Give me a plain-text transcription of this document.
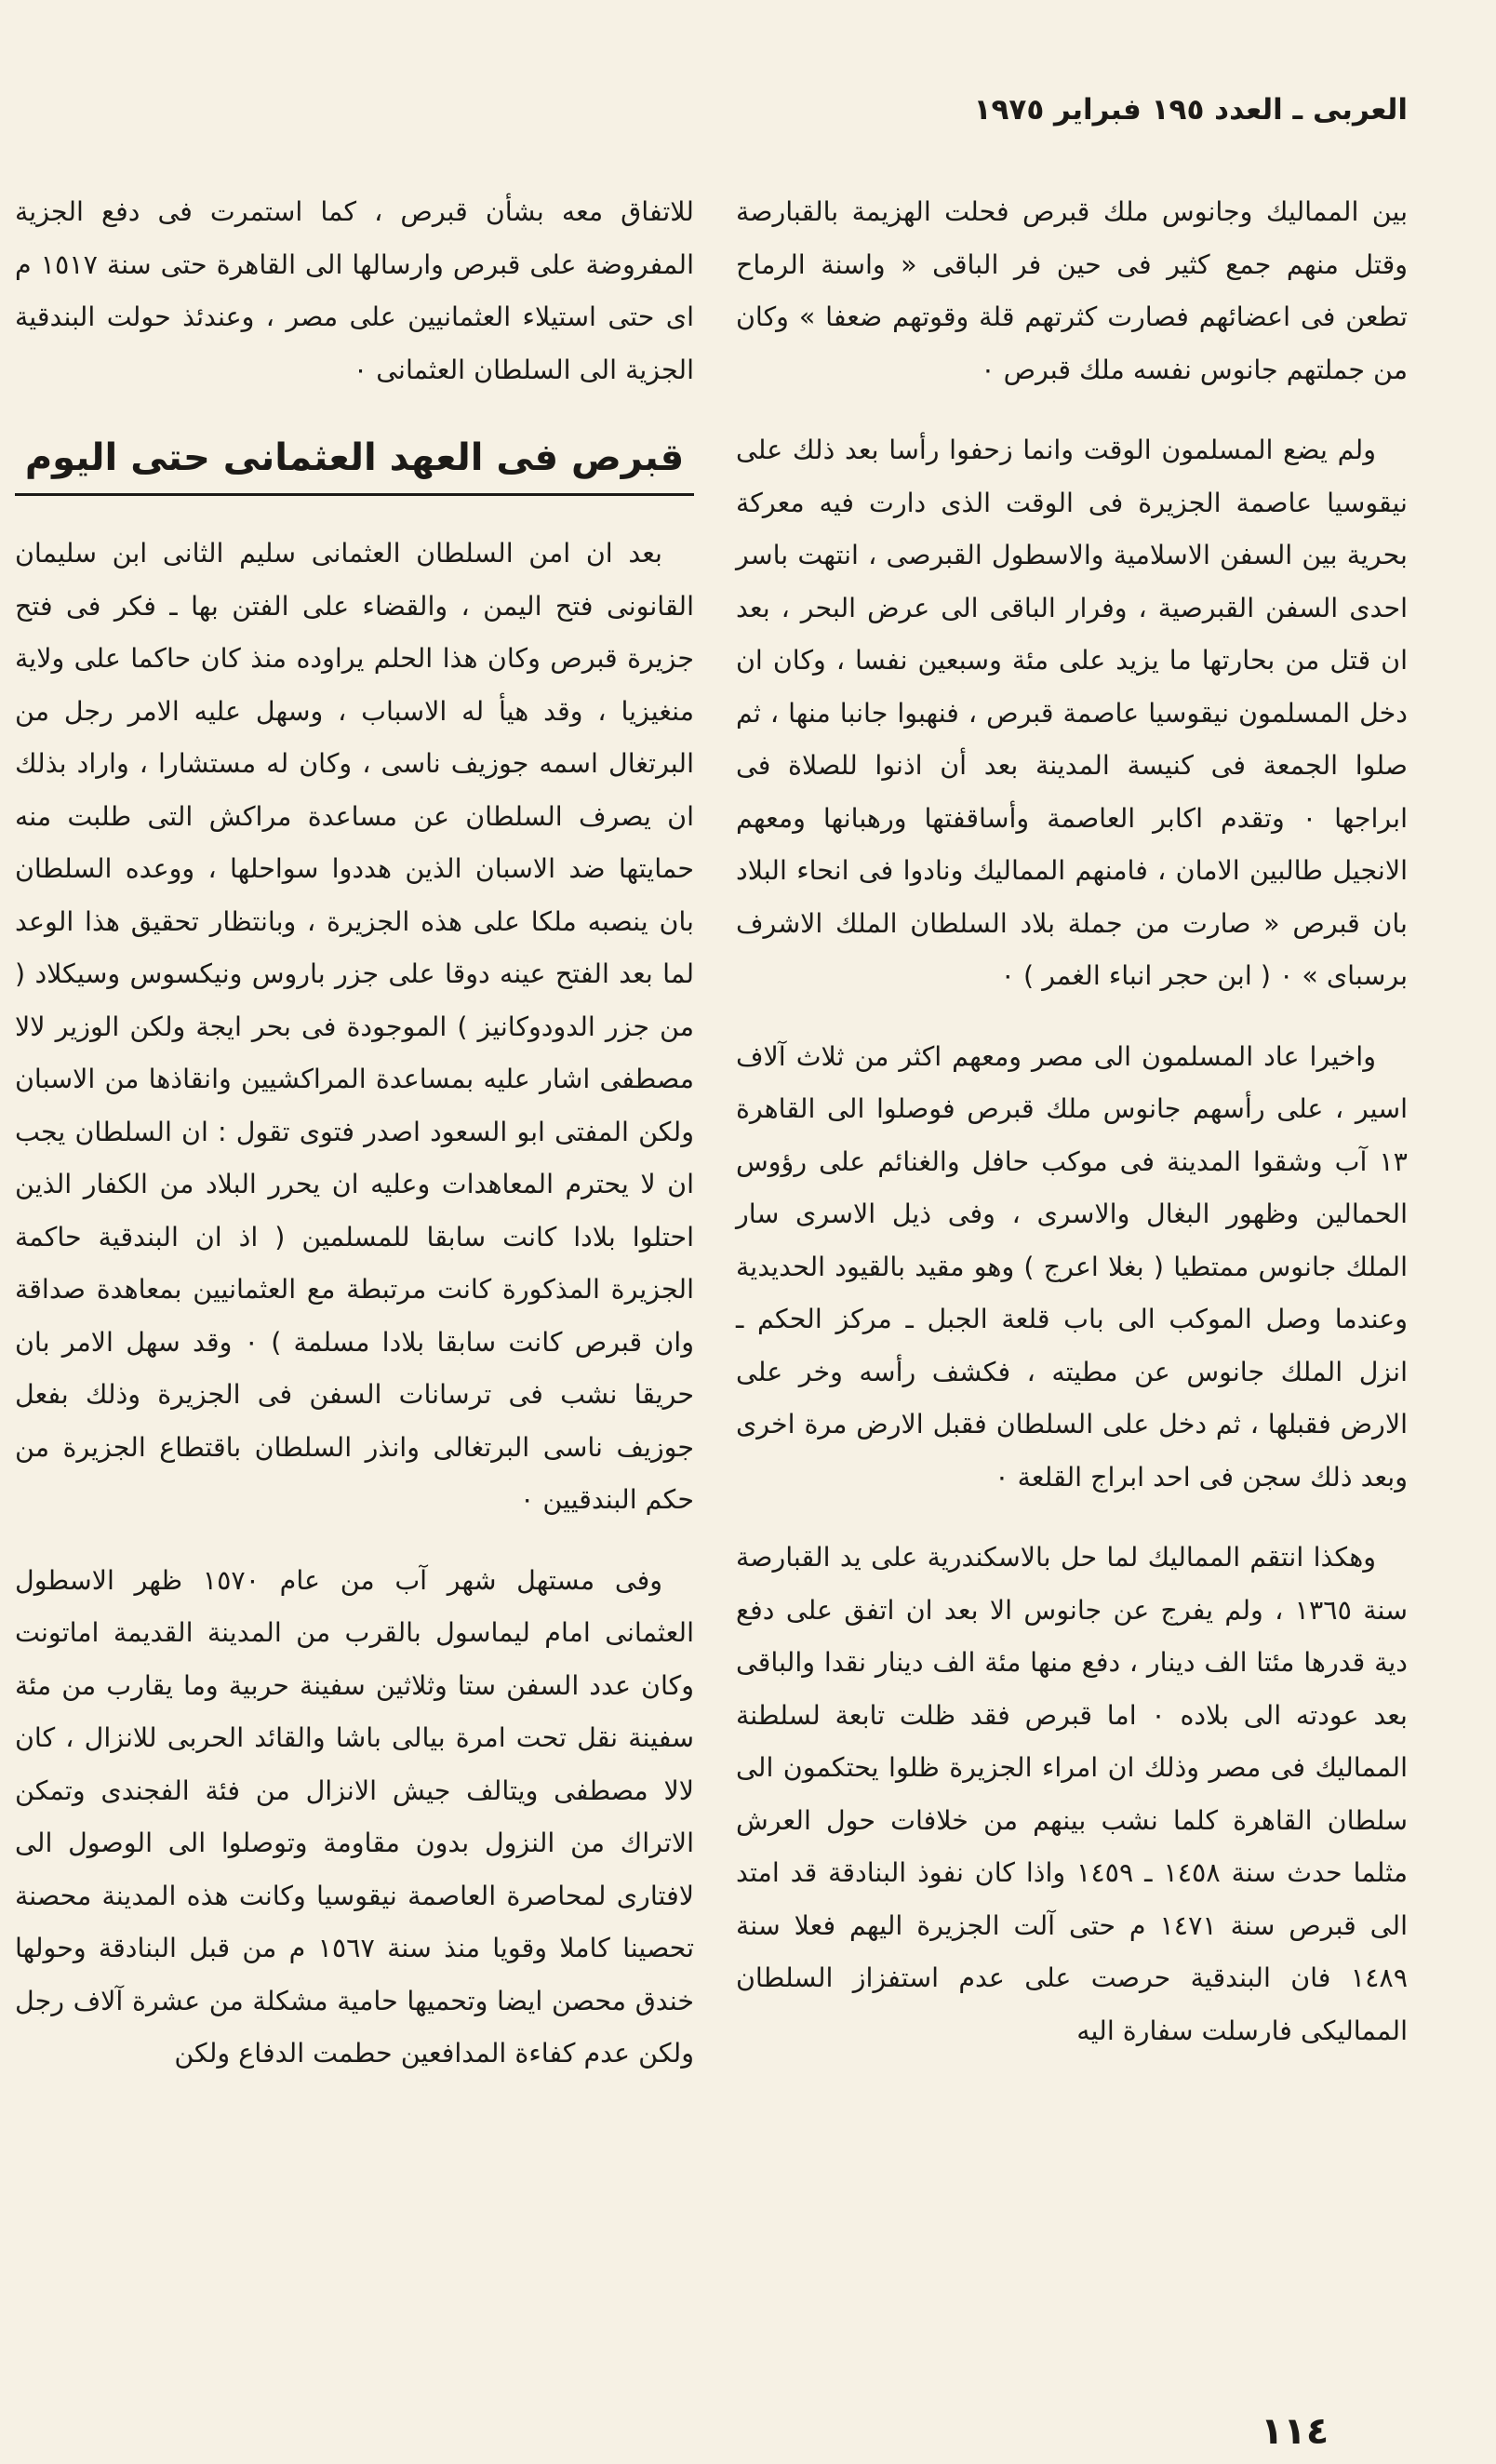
العربى ـ العدد ١٩٥ فبراير ١٩٧٥

بين المماليك وجانوس ملك قبرص فحلت الهزيمة بالقبارصة وقتل منهم جمع كثير فى حين فر الباقى « واسنة الرماح تطعن فى اعضائهم فصارت كثرتهم قلة وقوتهم ضعفا » وكان من جملتهم جانوس نفسه ملك قبرص ٠

ولم يضع المسلمون الوقت وانما زحفوا رأسا بعد ذلك على نيقوسيا عاصمة الجزيرة فى الوقت الذى دارت فيه معركة بحرية بين السفن الاسلامية والاسطول القبرصى ، انتهت باسر احدى السفن القبرصية ، وفرار الباقى الى عرض البحر ، بعد ان قتل من بحارتها ما يزيد على مئة وسبعين نفسا ، وكان ان دخل المسلمون نيقوسيا عاصمة قبرص ، فنهبوا جانبا منها ، ثم صلوا الجمعة فى كنيسة المدينة بعد أن اذنوا للصلاة فى ابراجها ٠ وتقدم اكابر العاصمة وأساقفتها ورهبانها ومعهم الانجيل طالبين الامان ، فامنهم المماليك ونادوا فى انحاء البلاد بان قبرص « صارت من جملة بلاد السلطان الملك الاشرف برسباى » ٠ ( ابن حجر انباء الغمر ) ٠

واخيرا عاد المسلمون الى مصر ومعهم اكثر من ثلاث آلاف اسير ، على رأسهم جانوس ملك قبرص فوصلوا الى القاهرة ١٣ آب وشقوا المدينة فى موكب حافل والغنائم على رؤوس الحمالين وظهور البغال والاسرى ، وفى ذيل الاسرى سار الملك جانوس ممتطيا ( بغلا اعرج ) وهو مقيد بالقيود الحديدية وعندما وصل الموكب الى باب قلعة الجبل ـ مركز الحكم ـ انزل الملك جانوس عن مطيته ، فكشف رأسه وخر على الارض فقبلها ، ثم دخل على السلطان فقبل الارض مرة اخرى وبعد ذلك سجن فى احد ابراج القلعة ٠

وهكذا انتقم المماليك لما حل بالاسكندرية على يد القبارصة سنة ١٣٦٥ ، ولم يفرج عن جانوس الا بعد ان اتفق على دفع دية قدرها مئتا الف دينار ، دفع منها مئة الف دينار نقدا والباقى بعد عودته الى بلاده ٠ اما قبرص فقد ظلت تابعة لسلطنة المماليك فى مصر وذلك ان امراء الجزيرة ظلوا يحتكمون الى سلطان القاهرة كلما نشب بينهم من خلافات حول العرش مثلما حدث سنة ١٤٥٨ ـ ١٤٥٩ واذا كان نفوذ البنادقة قد امتد الى قبرص سنة ١٤٧١ م حتى آلت الجزيرة اليهم فعلا سنة ١٤٨٩ فان البندقية حرصت على عدم استفزاز السلطان المماليكى فارسلت سفارة اليه

للاتفاق معه بشأن قبرص ، كما استمرت فى دفع الجزية المفروضة على قبرص وارسالها الى القاهرة حتى سنة ١٥١٧ م اى حتى استيلاء العثمانيين على مصر ، وعندئذ حولت البندقية الجزية الى السلطان العثمانى ٠

قبرص فى العهد العثمانى حتى اليوم

بعد ان امن السلطان العثمانى سليم الثانى ابن سليمان القانونى فتح اليمن ، والقضاء على الفتن بها ـ فكر فى فتح جزيرة قبرص وكان هذا الحلم يراوده منذ كان حاكما على ولاية منغيزيا ، وقد هيأ له الاسباب ، وسهل عليه الامر رجل من البرتغال اسمه جوزيف ناسى ، وكان له مستشارا ، واراد بذلك ان يصرف السلطان عن مساعدة مراكش التى طلبت منه حمايتها ضد الاسبان الذين هددوا سواحلها ، ووعده السلطان بان ينصبه ملكا على هذه الجزيرة ، وبانتظار تحقيق هذا الوعد لما بعد الفتح عينه دوقا على جزر باروس ونيكسوس وسيكلاد ( من جزر الدودوكانيز ) الموجودة فى بحر ايجة ولكن الوزير لالا مصطفى اشار عليه بمساعدة المراكشيين وانقاذها من الاسبان ولكن المفتى ابو السعود اصدر فتوى تقول : ان السلطان يجب ان لا يحترم المعاهدات وعليه ان يحرر البلاد من الكفار الذين احتلوا بلادا كانت سابقا للمسلمين ( اذ ان البندقية حاكمة الجزيرة المذكورة كانت مرتبطة مع العثمانيين بمعاهدة صداقة وان قبرص كانت سابقا بلادا مسلمة ) ٠ وقد سهل الامر بان حريقا نشب فى ترسانات السفن فى الجزيرة وذلك بفعل جوزيف ناسى البرتغالى وانذر السلطان باقتطاع الجزيرة من حكم البندقيين ٠

وفى مستهل شهر آب من عام ١٥٧٠ ظهر الاسطول العثمانى امام ليماسول بالقرب من المدينة القديمة اماتونت وكان عدد السفن ستا وثلاثين سفينة حربية وما يقارب من مئة سفينة نقل تحت امرة بيالى باشا والقائد الحربى للانزال ، كان لالا مصطفى ويتالف جيش الانزال من فئة الفجندى وتمكن الاتراك من النزول بدون مقاومة وتوصلوا الى الوصول الى لافتارى لمحاصرة العاصمة نيقوسيا وكانت هذه المدينة محصنة تحصينا كاملا وقويا منذ سنة ١٥٦٧ م من قبل البنادقة وحولها خندق محصن ايضا وتحميها حامية مشكلة من عشرة آلاف رجل ولكن عدم كفاءة المدافعين حطمت الدفاع ولكن

١١٤
